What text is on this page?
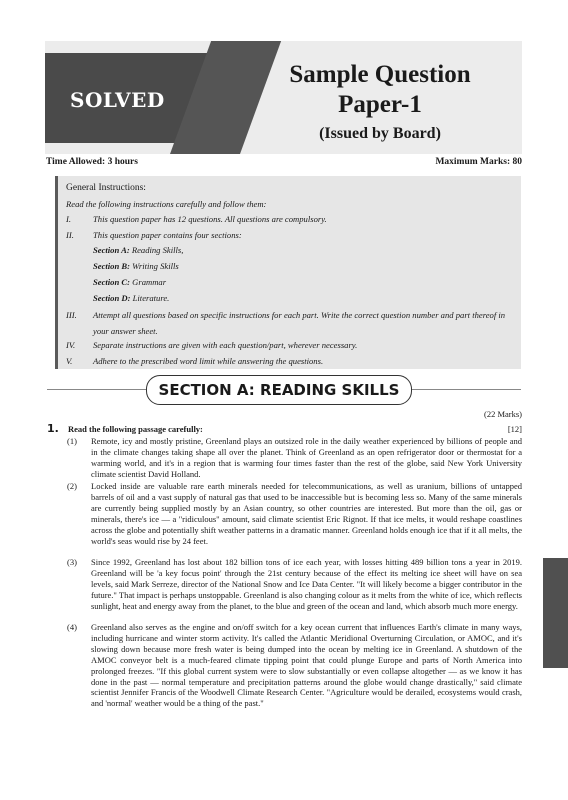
SOLVED
Sample Question
Paper-1
(Issued by Board)
Time Allowed: 3 hours	Maximum Marks: 80
General Instructions:
Read the following instructions carefully and follow them:
I.	This question paper has 12 questions. All questions are compulsory.
II. This question paper contains four sections:
Section A: Reading Skills,
Section B: Writing Skills
Section C: Grammar
Section D: Literature.
III. Attempt all questions based on specific instructions for each part. Write the correct question number and part thereof in your answer sheet.
IV. Separate instructions are given with each question/part, wherever necessary.
V. Adhere to the prescribed word limit while answering the questions.
SECTION A: READING SKILLS
(22 Marks)
1. Read the following passage carefully:	[12]
(1) Remote, icy and mostly pristine, Greenland plays an outsized role in the daily weather experienced by billions of people and in the climate changes taking shape all over the planet. Think of Greenland as an open refrigerator door or thermostat for a warming world, and it's in a region that is warming four times faster than the rest of the globe, said New York University climate scientist David Holland.
(2) Locked inside are valuable rare earth minerals needed for telecommunications, as well as uranium, billions of untapped barrels of oil and a vast supply of natural gas that used to be inaccessible but is becoming less so. Many of the same minerals are currently being supplied mostly by an Asian country, so other countries are interested. But more than the oil, gas or minerals, there's ice — a "ridiculous" amount, said climate scientist Eric Rignot. If that ice melts, it would reshape coastlines across the globe and potentially shift weather patterns in a dramatic manner. Greenland holds enough ice that if it all melts, the world's seas would rise by 24 feet.
(3) Since 1992, Greenland has lost about 182 billion tons of ice each year, with losses hitting 489 billion tons a year in 2019. Greenland will be 'a key focus point' through the 21st century because of the effect its melting ice sheet will have on sea levels, said Mark Serreze, director of the National Snow and Ice Data Center. "It will likely become a bigger contributor in the future." That impact is perhaps unstoppable. Greenland is also changing colour as it melts from the white of ice, which reflects sunlight, heat and energy away from the planet, to the blue and green of the ocean and land, which absorb much more energy.
(4) Greenland also serves as the engine and on/off switch for a key ocean current that influences Earth's climate in many ways, including hurricane and winter storm activity. It's called the Atlantic Meridional Overturning Circulation, or AMOC, and it's slowing down because more fresh water is being dumped into the ocean by melting ice in Greenland. A shutdown of the AMOC conveyor belt is a much-feared climate tipping point that could plunge Europe and parts of North America into prolonged freezes. "If this global current system were to slow substantially or even collapse altogether — as we know it has done in the past — normal temperature and precipitation patterns around the globe would change drastically," said climate scientist Jennifer Francis of the Woodwell Climate Research Center. "Agriculture would be derailed, ecosystems would crash, and 'normal' weather would be a thing of the past."
